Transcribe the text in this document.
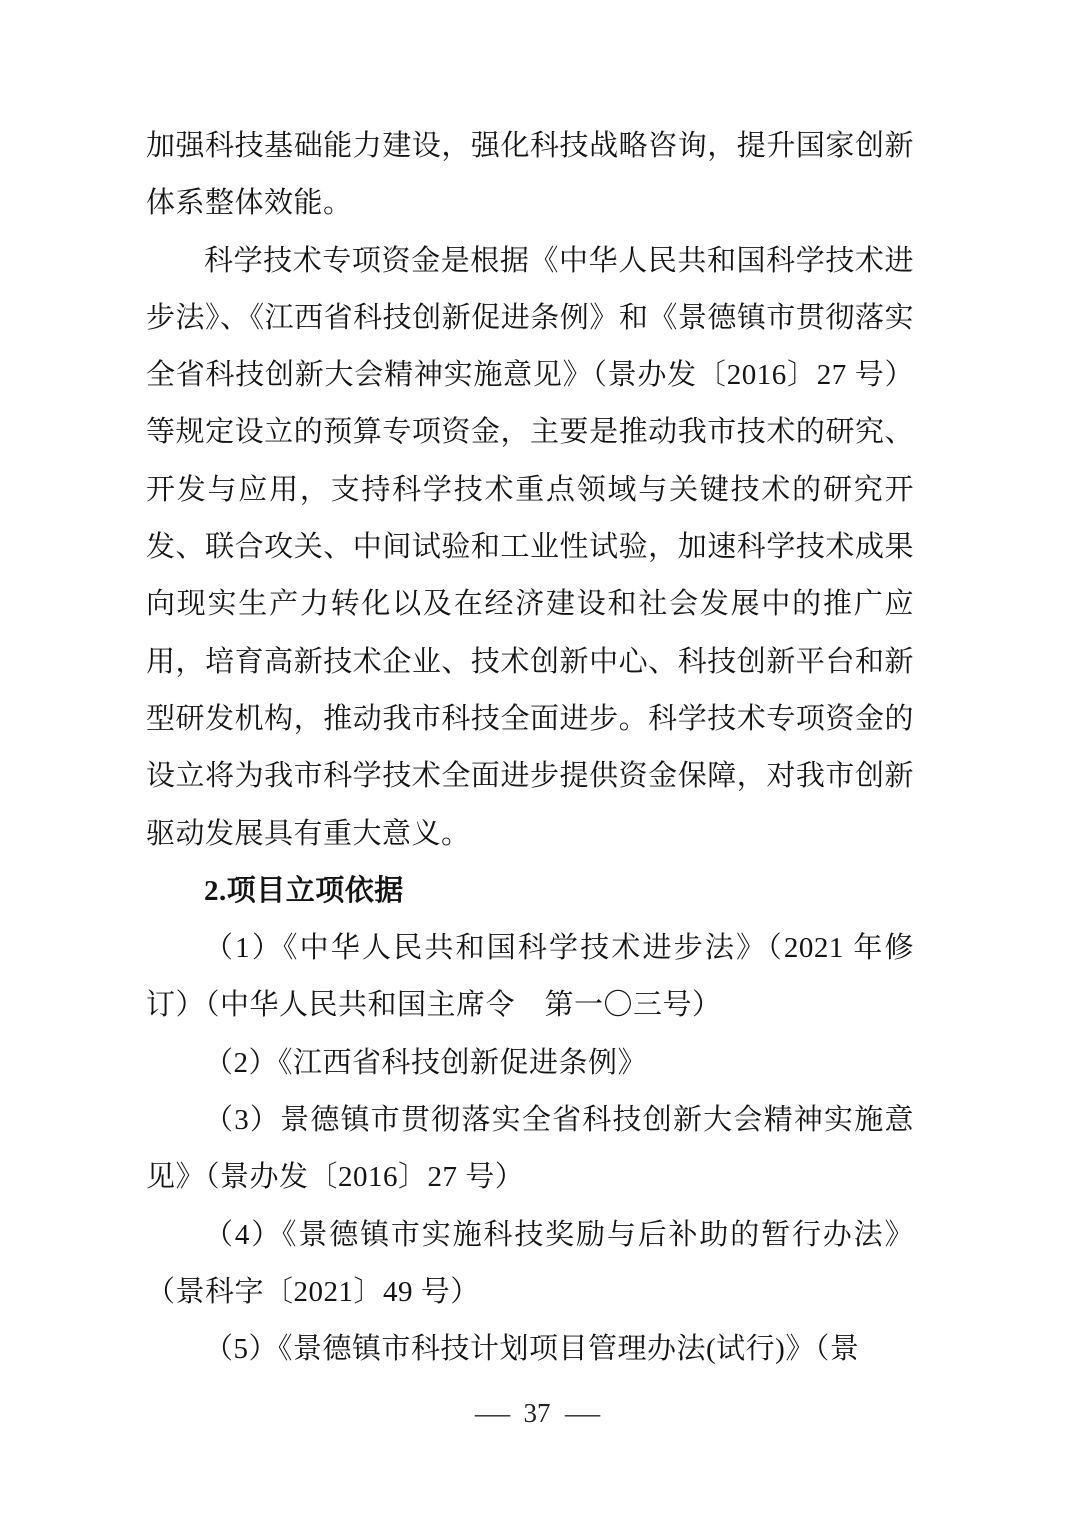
加强科技基础能力建设，强化科技战略咨询，提升国家创新体系整体效能。

科学技术专项资金是根据《中华人民共和国科学技术进步法》、《江西省科技创新促进条例》和《景德镇市贯彻落实全省科技创新大会精神实施意见》（景办发〔2016〕27 号）等规定设立的预算专项资金，主要是推动我市技术的研究、开发与应用，支持科学技术重点领域与关键技术的研究开发、联合攻关、中间试验和工业性试验，加速科学技术成果向现实生产力转化以及在经济建设和社会发展中的推广应用，培育高新技术企业、技术创新中心、科技创新平台和新型研发机构，推动我市科技全面进步。科学技术专项资金的设立将为我市科学技术全面进步提供资金保障，对我市创新驱动发展具有重大意义。

2.项目立项依据

（1）《中华人民共和国科学技术进步法》（2021 年修订）（中华人民共和国主席令　第一〇三号）

（2）《江西省科技创新促进条例》

（3）景德镇市贯彻落实全省科技创新大会精神实施意见》（景办发〔2016〕27 号）

（4）《景德镇市实施科技奖励与后补助的暂行办法》（景科字〔2021〕49 号）

（5）《景德镇市科技计划项目管理办法(试行)》（景

— 37 —
